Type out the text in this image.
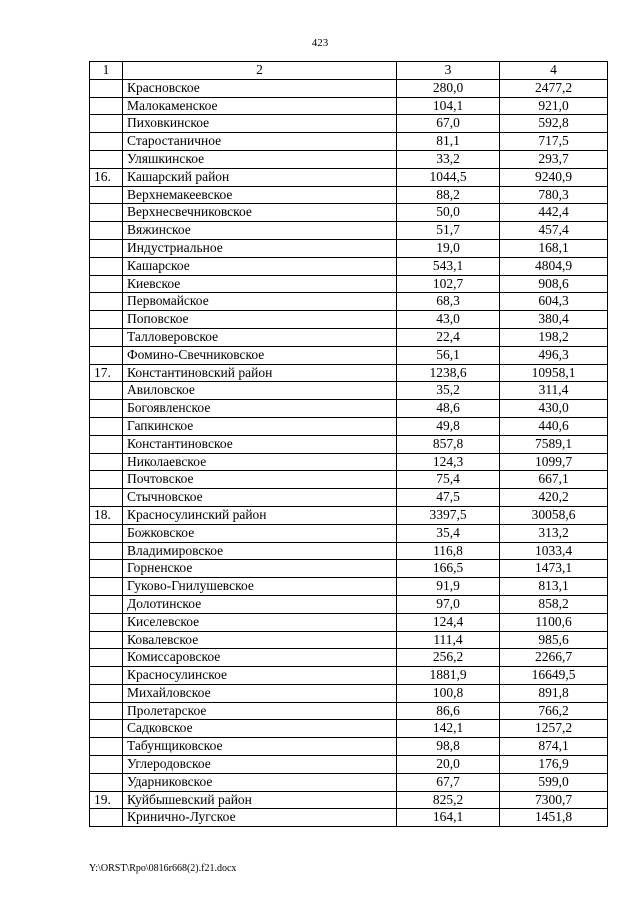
423
1	2	3	4
	Красновское	280,0	2477,2
	Малокаменское	104,1	921,0
	Пиховкинское	67,0	592,8
	Старостаничное	81,1	717,5
	Уляшкинское	33,2	293,7
16.	Кашарский район	1044,5	9240,9
	Верхнемакеевское	88,2	780,3
	Верхнесвечниковское	50,0	442,4
	Вяжинское	51,7	457,4
	Индустриальное	19,0	168,1
	Кашарское	543,1	4804,9
	Киевское	102,7	908,6
	Первомайское	68,3	604,3
	Поповское	43,0	380,4
	Талловеровское	22,4	198,2
	Фомино-Свечниковское	56,1	496,3
17.	Константиновский район	1238,6	10958,1
	Авиловское	35,2	311,4
	Богоявленское	48,6	430,0
	Гапкинское	49,8	440,6
	Константиновское	857,8	7589,1
	Николаевское	124,3	1099,7
	Почтовское	75,4	667,1
	Стычновское	47,5	420,2
18.	Красносулинский район	3397,5	30058,6
	Божковское	35,4	313,2
	Владимировское	116,8	1033,4
	Горненское	166,5	1473,1
	Гуково-Гнилушевское	91,9	813,1
	Долотинское	97,0	858,2
	Киселевское	124,4	1100,6
	Ковалевское	111,4	985,6
	Комиссаровское	256,2	2266,7
	Красносулинское	1881,9	16649,5
	Михайловское	100,8	891,8
	Пролетарское	86,6	766,2
	Садковское	142,1	1257,2
	Табунщиковское	98,8	874,1
	Углеродовское	20,0	176,9
	Ударниковское	67,7	599,0
19.	Куйбышевский район	825,2	7300,7
	Кринично-Лугское	164,1	1451,8
Y:\ORST\Rpo\0816r668(2).f21.docx
